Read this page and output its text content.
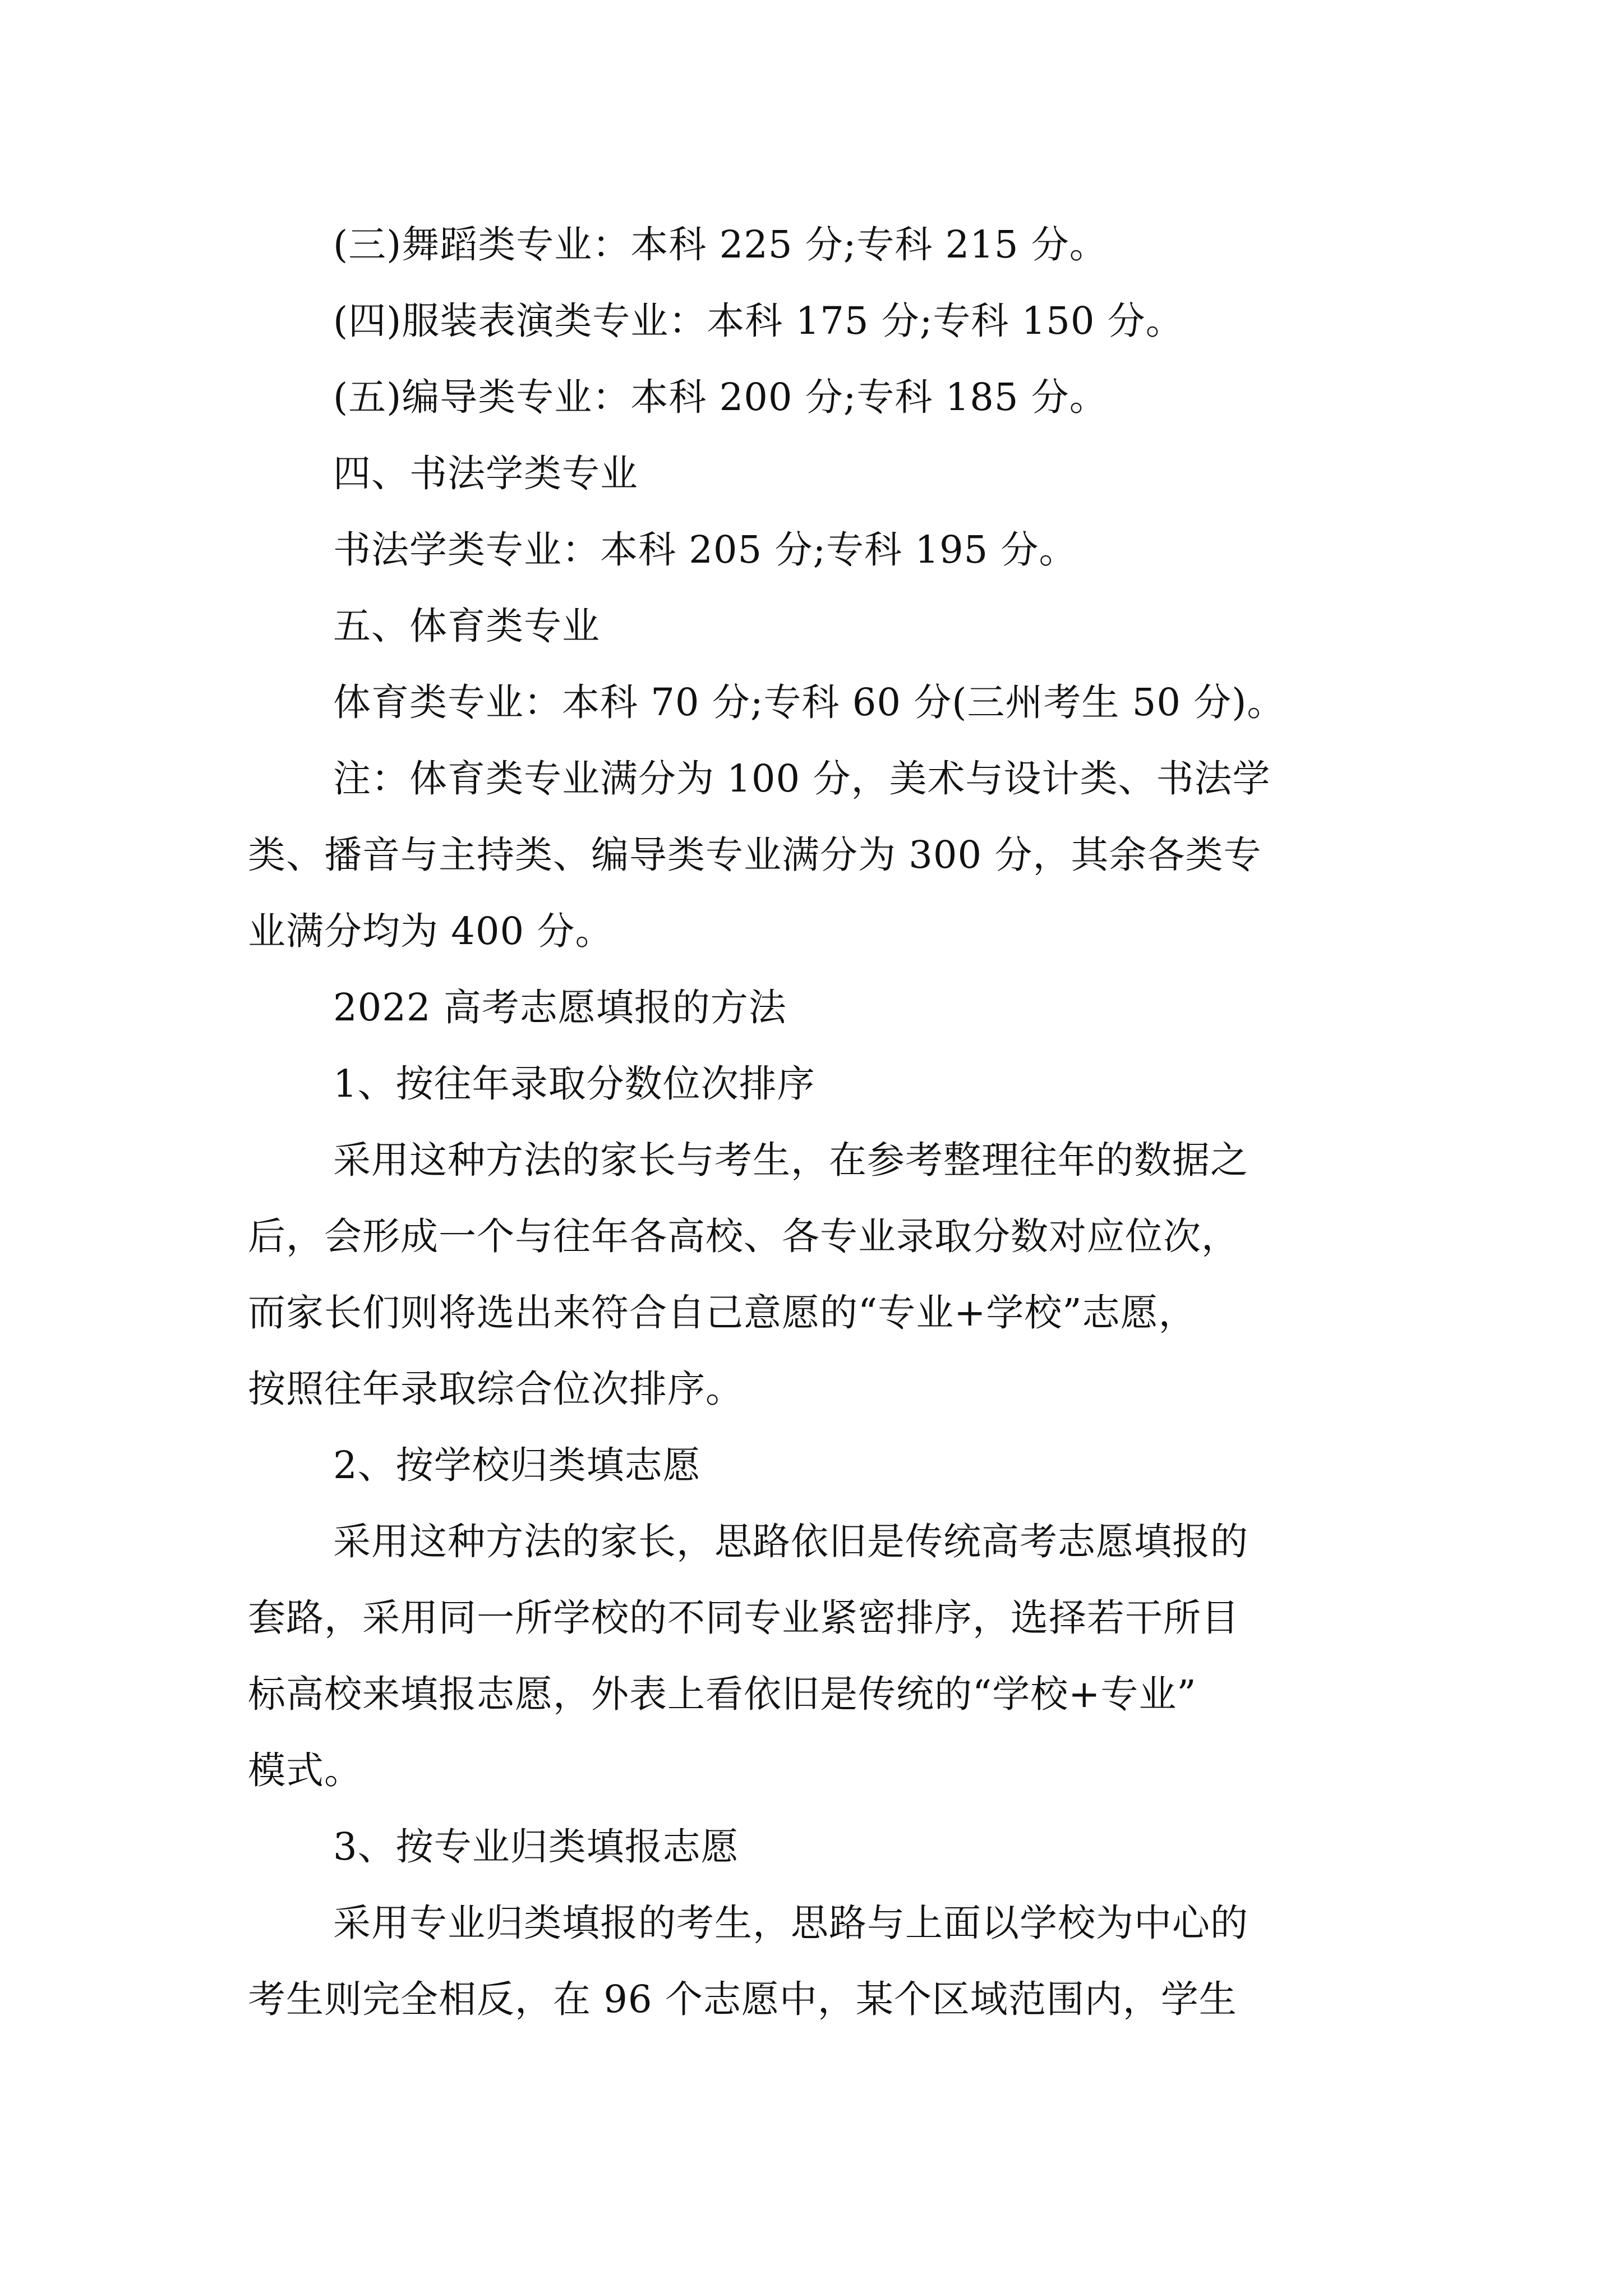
(三)舞蹈类专业：本科 225 分;专科 215 分。
(四)服装表演类专业：本科 175 分;专科 150 分。
(五)编导类专业：本科 200 分;专科 185 分。
四、书法学类专业
书法学类专业：本科 205 分;专科 195 分。
五、体育类专业
体育类专业：本科 70 分;专科 60 分(三州考生 50 分)。
注：体育类专业满分为 100 分，美术与设计类、书法学
类、播音与主持类、编导类专业满分为 300 分，其余各类专
业满分均为 400 分。
2022 高考志愿填报的方法
1、按往年录取分数位次排序
采用这种方法的家长与考生，在参考整理往年的数据之
后，会形成一个与往年各高校、各专业录取分数对应位次，
而家长们则将选出来符合自己意愿的“专业+学校”志愿，
按照往年录取综合位次排序。
2、按学校归类填志愿
采用这种方法的家长，思路依旧是传统高考志愿填报的
套路，采用同一所学校的不同专业紧密排序，选择若干所目
标高校来填报志愿，外表上看依旧是传统的“学校+专业”
模式。
3、按专业归类填报志愿
采用专业归类填报的考生，思路与上面以学校为中心的
考生则完全相反，在 96 个志愿中，某个区域范围内，学生
